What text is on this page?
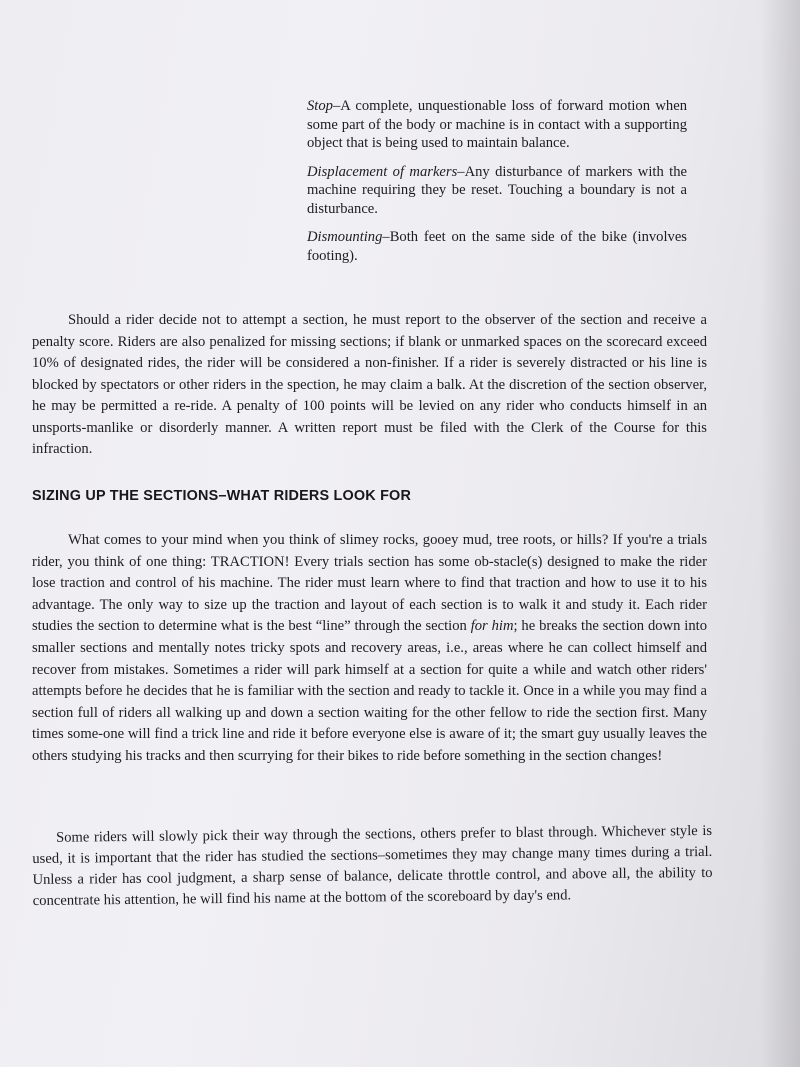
Stop–A complete, unquestionable loss of forward motion when some part of the body or machine is in contact with a supporting object that is being used to maintain balance.

Displacement of markers–Any disturbance of markers with the machine requiring they be reset. Touching a boundary is not a disturbance.

Dismounting–Both feet on the same side of the bike (involves footing).

Should a rider decide not to attempt a section, he must report to the observer of the section and receive a penalty score. Riders are also penalized for missing sections; if blank or unmarked spaces on the scorecard exceed 10% of designated rides, the rider will be considered a non-finisher. If a rider is severely distracted or his line is blocked by spectators or other riders in the spection, he may claim a balk. At the discretion of the section observer, he may be permitted a re-ride. A penalty of 100 points will be levied on any rider who conducts himself in an unsports-manlike or disorderly manner. A written report must be filed with the Clerk of the Course for this infraction.

SIZING UP THE SECTIONS–WHAT RIDERS LOOK FOR

What comes to your mind when you think of slimey rocks, gooey mud, tree roots, or hills? If you're a trials rider, you think of one thing: TRACTION! Every trials section has some ob-stacle(s) designed to make the rider lose traction and control of his machine. The rider must learn where to find that traction and how to use it to his advantage. The only way to size up the traction and layout of each section is to walk it and study it. Each rider studies the section to determine what is the best “line” through the section for him; he breaks the section down into smaller sections and mentally notes tricky spots and recovery areas, i.e., areas where he can collect himself and recover from mistakes. Sometimes a rider will park himself at a section for quite a while and watch other riders' attempts before he decides that he is familiar with the section and ready to tackle it. Once in a while you may find a section full of riders all walking up and down a section waiting for the other fellow to ride the section first. Many times some-one will find a trick line and ride it before everyone else is aware of it; the smart guy usually leaves the others studying his tracks and then scurrying for their bikes to ride before something in the section changes!

Some riders will slowly pick their way through the sections, others prefer to blast through. Whichever style is used, it is important that the rider has studied the sections–sometimes they may change many times during a trial. Unless a rider has cool judgment, a sharp sense of balance, delicate throttle control, and above all, the ability to concentrate his attention, he will find his name at the bottom of the scoreboard by day's end.
